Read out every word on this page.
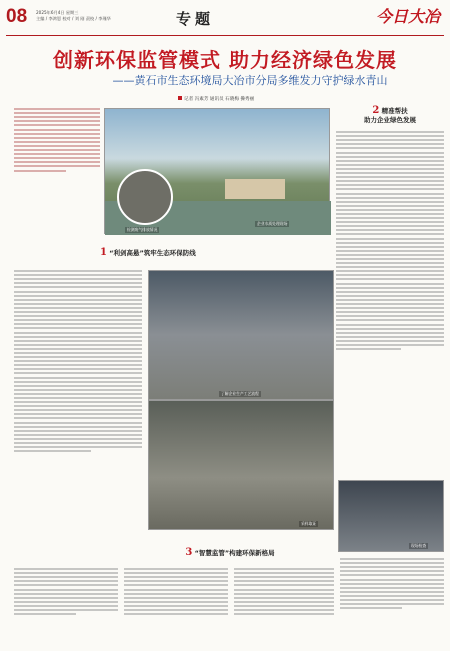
08 2025年6月4日 星期三
主编 / 李鸿恩 校对 / 刘 刚 责校 / 李瑾华	专题	今日大冶
创新环保监管模式 助力经济绿色发展
——黄石市生态环境局大冶市分局多维发力守护绿水青山
记者 冯素芳 通讯员 石晓梅 操秀丽
检测废气排放情况
企业水质处理现场
2 精准帮扶
助力企业绿色发展
1 “利剑高悬”筑牢生态环保防线
了解企业生产工艺流程
采样取证
现场检查
3 “智慧监管”构建环保新格局
